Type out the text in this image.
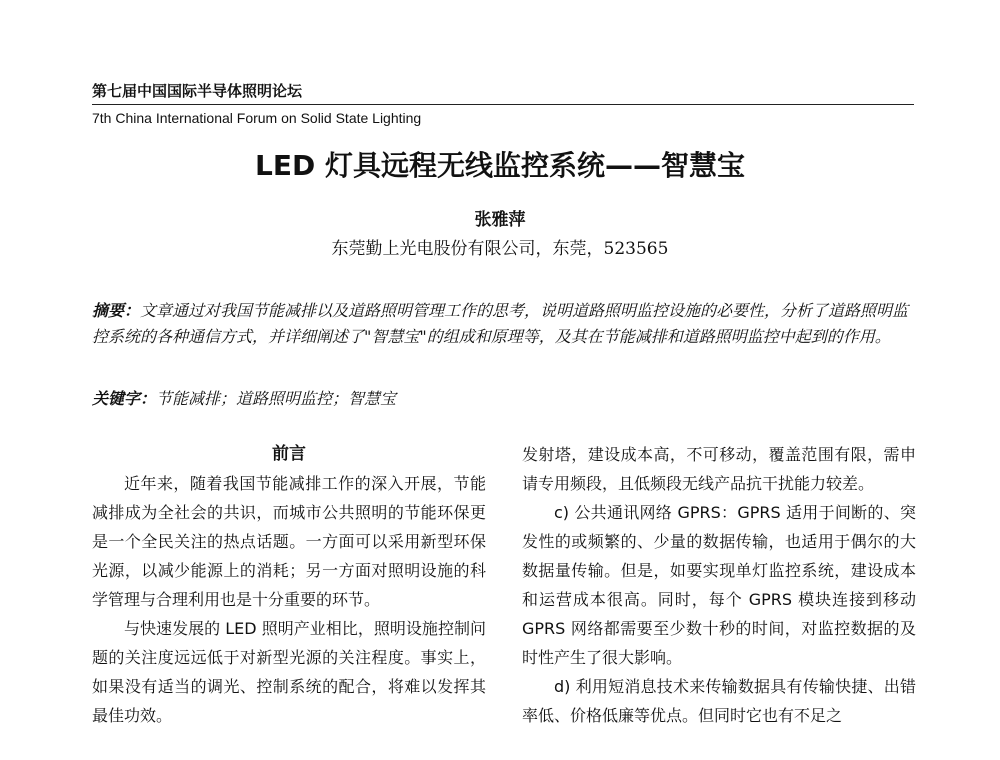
第七届中国国际半导体照明论坛
7th China International Forum on Solid State Lighting
LED 灯具远程无线监控系统——智慧宝
张雅萍
东莞勤上光电股份有限公司，东莞，523565
摘要：文章通过对我国节能减排以及道路照明管理工作的思考，说明道路照明监控设施的必要性，分析了道路照明监控系统的各种通信方式，并详细阐述了"智慧宝"的组成和原理等，及其在节能减排和道路照明监控中起到的作用。
关键字：节能减排；道路照明监控；智慧宝
前言

近年来，随着我国节能减排工作的深入开展，节能减排成为全社会的共识，而城市公共照明的节能环保更是一个全民关注的热点话题。一方面可以采用新型环保光源，以减少能源上的消耗；另一方面对照明设施的科学管理与合理利用也是十分重要的环节。

与快速发展的 LED 照明产业相比，照明设施控制问题的关注度远远低于对新型光源的关注程度。事实上，如果没有适当的调光、控制系统的配合，将难以发挥其最佳功效。

发射塔，建设成本高，不可移动，覆盖范围有限，需申请专用频段，且低频段无线产品抗干扰能力较差。

c) 公共通讯网络 GPRS：GPRS 适用于间断的、突发性的或频繁的、少量的数据传输，也适用于偶尔的大数据量传输。但是，如要实现单灯监控系统，建设成本和运营成本很高。同时，每个 GPRS 模块连接到移动 GPRS 网络都需要至少数十秒的时间，对监控数据的及时性产生了很大影响。

d) 利用短消息技术来传输数据具有传输快捷、出错率低、价格低廉等优点。但同时它也有不足之
